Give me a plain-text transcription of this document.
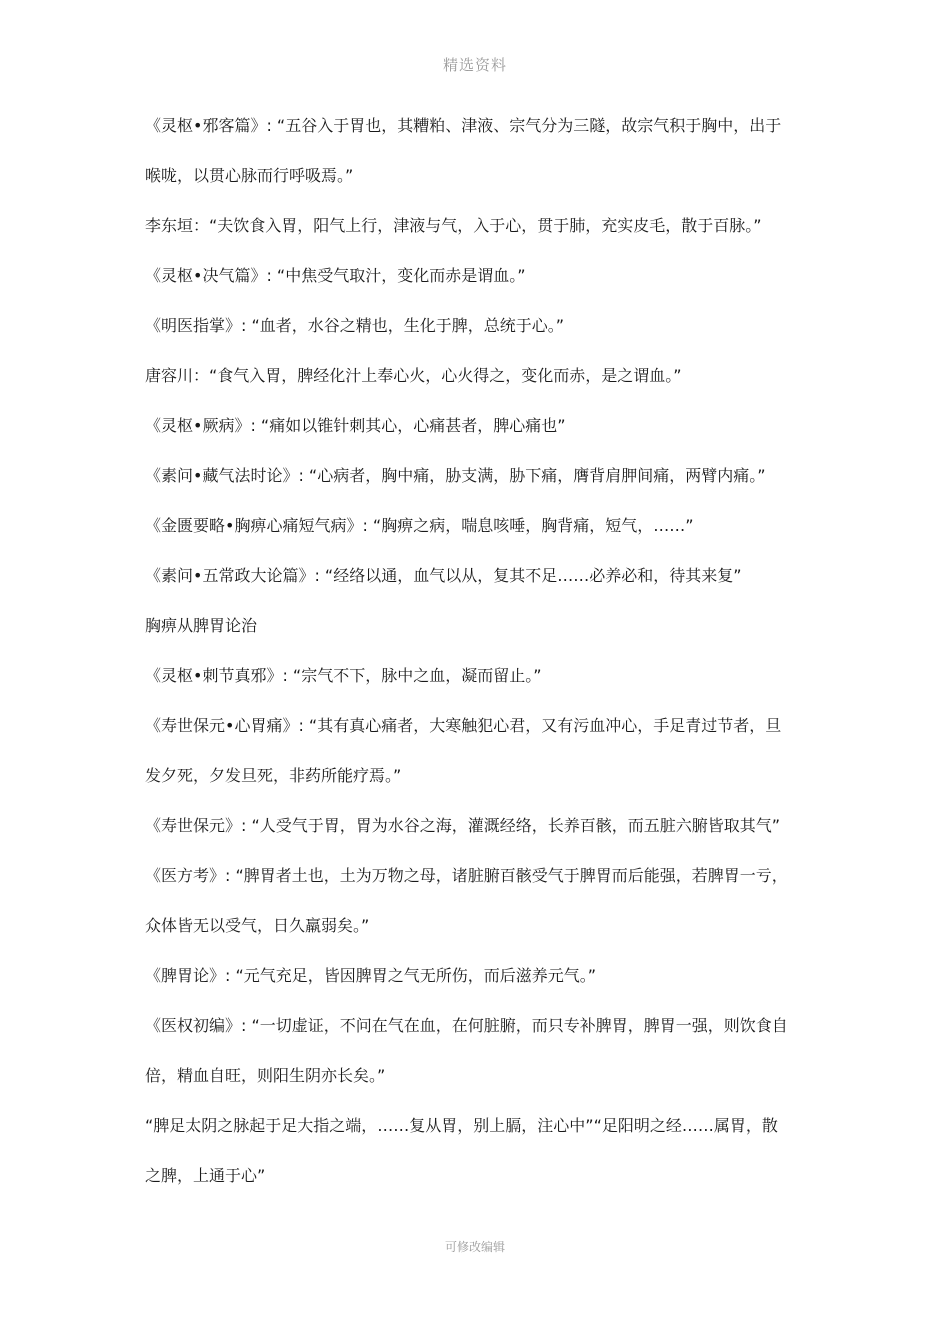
精选资料
《灵枢•邪客篇》: “五谷入于胃也，其糟粕、津液、宗气分为三隧，故宗气积于胸中，出于
喉咙，以贯心脉而行呼吸焉。”
李东垣：“夫饮食入胃，阳气上行，津液与气，入于心，贯于肺，充实皮毛，散于百脉。”
《灵枢•决气篇》: “中焦受气取汁，变化而赤是谓血。”
《明医指掌》: “血者，水谷之精也，生化于脾，总统于心。”
唐容川：“食气入胃，脾经化汁上奉心火，心火得之，变化而赤，是之谓血。”
《灵枢•厥病》: “痛如以锥针刺其心，心痛甚者，脾心痛也”
《素问•藏气法时论》: “心病者，胸中痛，胁支满，胁下痛，膺背肩胛间痛，两臂内痛。”
《金匮要略•胸痹心痛短气病》: “胸痹之病，喘息咳唾，胸背痛，短气，……”
《素问•五常政大论篇》: “经络以通，血气以从，复其不足……必养必和，待其来复”
胸痹从脾胃论治
《灵枢•刺节真邪》: “宗气不下，脉中之血，凝而留止。”
《寿世保元•心胃痛》: “其有真心痛者，大寒触犯心君，又有污血冲心，手足青过节者，旦
发夕死，夕发旦死，非药所能疗焉。”
《寿世保元》: “人受气于胃，胃为水谷之海，灌溉经络，长养百骸，而五脏六腑皆取其气”
《医方考》: “脾胃者土也，土为万物之母，诸脏腑百骸受气于脾胃而后能强，若脾胃一亏，
众体皆无以受气，日久羸弱矣。”
《脾胃论》: “元气充足，皆因脾胃之气无所伤，而后滋养元气。”
《医权初编》: “一切虚证，不问在气在血，在何脏腑，而只专补脾胃，脾胃一强，则饮食自
倍，精血自旺，则阳生阴亦长矣。”
“脾足太阴之脉起于足大指之端，……复从胃，别上膈，注心中”“足阳明之经……属胃，散
之脾，上通于心”
可修改编辑
